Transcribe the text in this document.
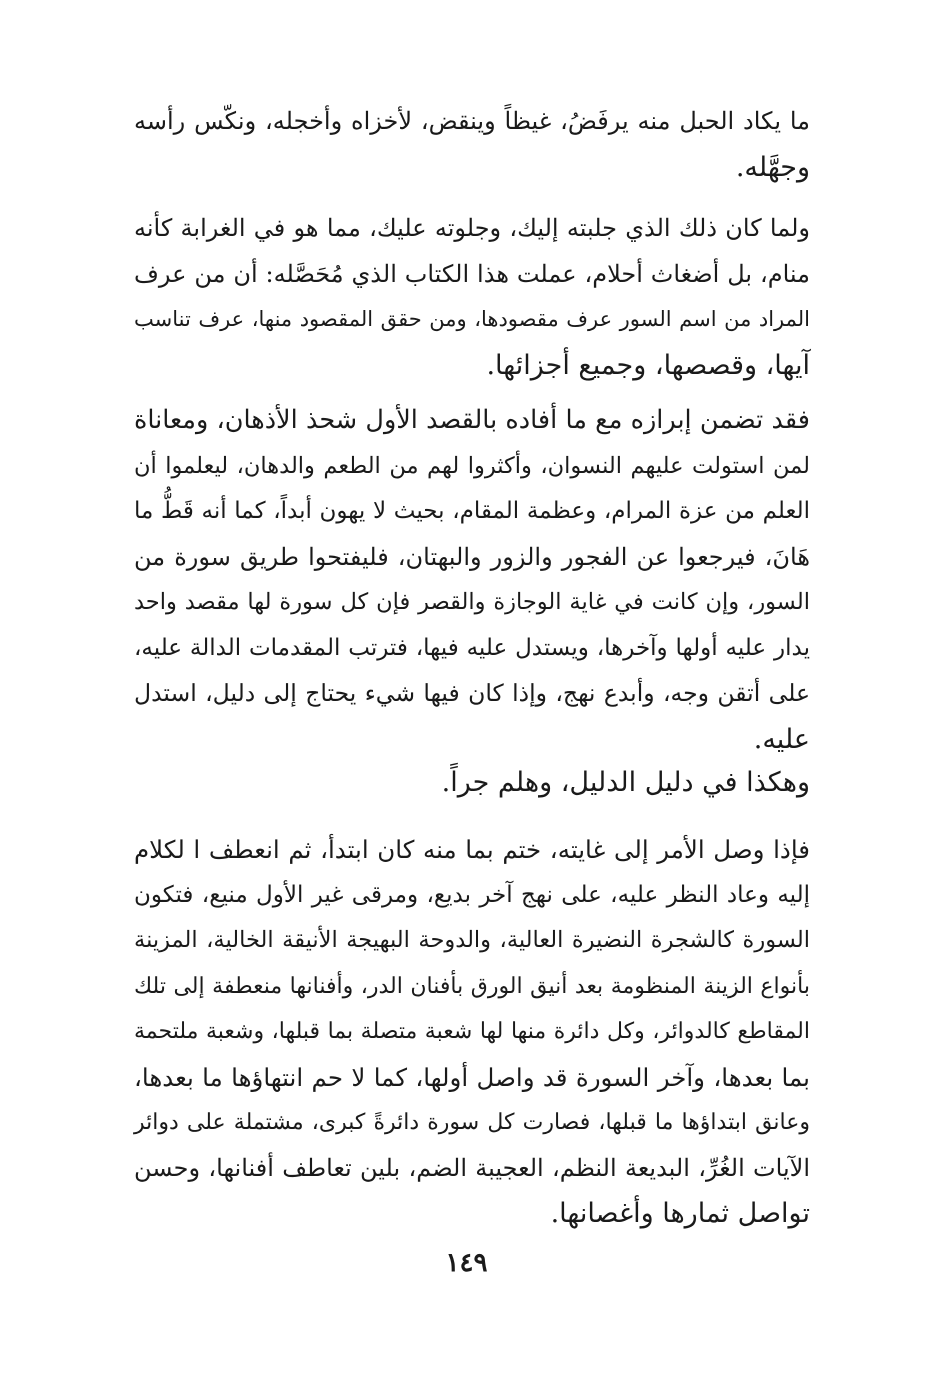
ما يكاد الحبل منه يرفَضُ، غيظاً وينقض، لأخزاه وأخجله، ونكّس رأسه
وجهَّله.
ولما كان ذلك الذي جلبته إليك، وجلوته عليك، مما هو في الغرابة كأنه
منام، بل أضغاث أحلام، عملت هذا الكتاب الذي مُحَصَّله: أن من عرف
المراد من اسم السور عرف مقصودها، ومن حقق المقصود منها، عرف تناسب
آيها، وقصصها، وجميع أجزائها.
فقد تضمن إبرازه مع ما أفاده بالقصد الأول شحذ الأذهان، ومعاناة
لمن استولت عليهم النسوان، وأكثروا لهم من الطعم والدهان، ليعلموا أن
العلم من عزة المرام، وعظمة المقام، بحيث لا يهون أبداً، كما أنه قَطُّ ما
هَانَ، فيرجعوا عن الفجور والزور والبهتان، فليفتحوا طريق سورة من
السور، وإن كانت في غاية الوجازة والقصر فإن كل سورة لها مقصد واحد
يدار عليه أولها وآخرها، ويستدل عليه فيها، فترتب المقدمات الدالة عليه،
على أتقن وجه، وأبدع نهج، وإذا كان فيها شيء يحتاج إلى دليل، استدل
عليه.
وهكذا في دليل الدليل، وهلم جراً.
فإذا وصل الأمر إلى غايته، ختم بما منه كان ابتدأ، ثم انعطف ا لكلام
إليه وعاد النظر عليه، على نهج آخر بديع، ومرقى غير الأول منيع، فتكون
السورة كالشجرة النضيرة العالية، والدوحة البهيجة الأنيقة الخالية، المزينة
بأنواع الزينة المنظومة بعد أنيق الورق بأفنان الدر، وأفنانها منعطفة إلى تلك
المقاطع كالدوائر، وكل دائرة منها لها شعبة متصلة بما قبلها، وشعبة ملتحمة
بما بعدها، وآخر السورة قد واصل أولها، كما لا حم انتهاؤها ما بعدها،
وعانق ابتداؤها ما قبلها، فصارت كل سورة دائرةً كبرى، مشتملة على دوائر
الآيات الغُرِّ، البديعة النظم، العجيبة الضم، بلين تعاطف أفنانها، وحسن
تواصل ثمارها وأغصانها.
١٤٩
